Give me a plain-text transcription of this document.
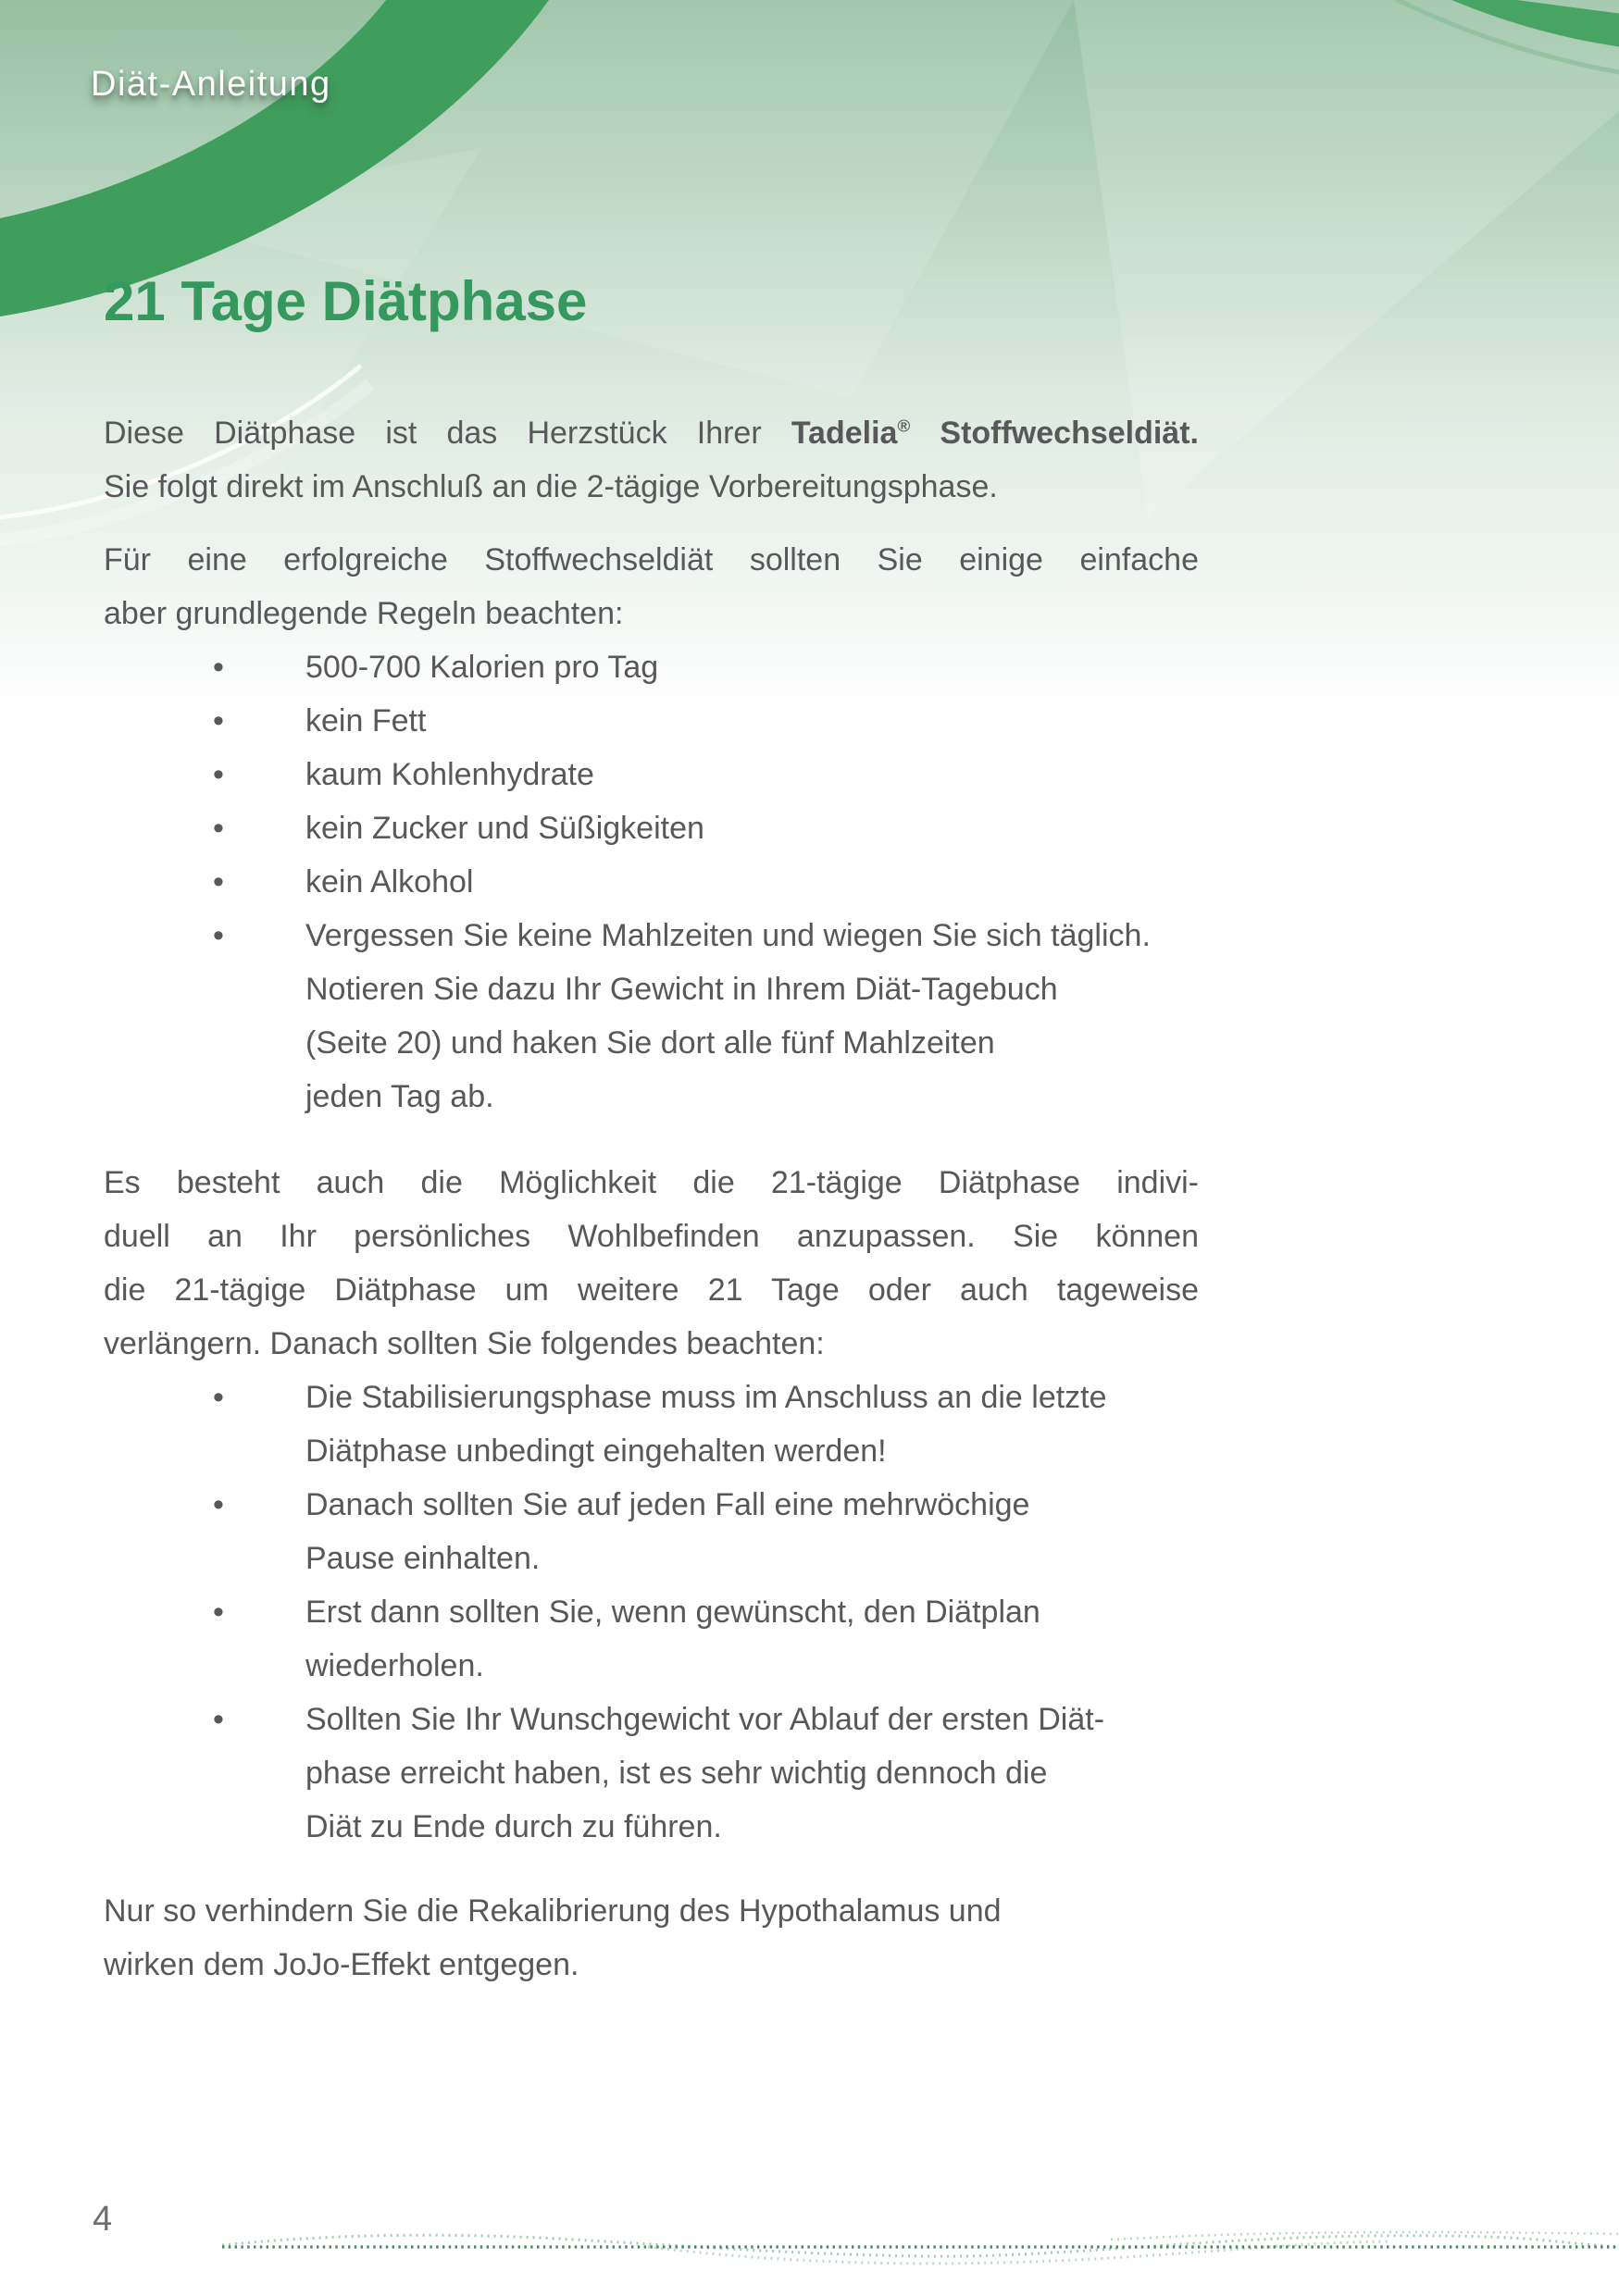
Diät-Anleitung
21 Tage Diätphase

Diese Diätphase ist das Herzstück Ihrer Tadelia® Stoffwechseldiät.
Sie folgt direkt im Anschluß an die 2-tägige Vorbereitungsphase.

Für eine erfolgreiche Stoffwechseldiät sollten Sie einige einfache
aber grundlegende Regeln beachten:

•	500-700 Kalorien pro Tag
•	kein Fett
•	kaum Kohlenhydrate
•	kein Zucker und Süßigkeiten
•	kein Alkohol
•	Vergessen Sie keine Mahlzeiten und wiegen Sie sich täglich.
Notieren Sie dazu Ihr Gewicht in Ihrem Diät-Tagebuch
(Seite 20) und haken Sie dort alle fünf Mahlzeiten
jeden Tag ab.

Es besteht auch die Möglichkeit die 21-tägige Diätphase indivi-
duell an Ihr persönliches Wohlbefinden anzupassen. Sie können
die 21-tägige Diätphase um weitere 21 Tage oder auch tageweise
verlängern. Danach sollten Sie folgendes beachten:

•	Die Stabilisierungsphase muss im Anschluss an die letzte
Diätphase unbedingt eingehalten werden!
•	Danach sollten Sie auf jeden Fall eine mehrwöchige
Pause einhalten.
•	Erst dann sollten Sie, wenn gewünscht, den Diätplan
wiederholen.
•	Sollten Sie Ihr Wunschgewicht vor Ablauf der ersten Diät-
phase erreicht haben, ist es sehr wichtig dennoch die
Diät zu Ende durch zu führen.

Nur so verhindern Sie die Rekalibrierung des Hypothalamus und
wirken dem JoJo-Effekt entgegen.

4
